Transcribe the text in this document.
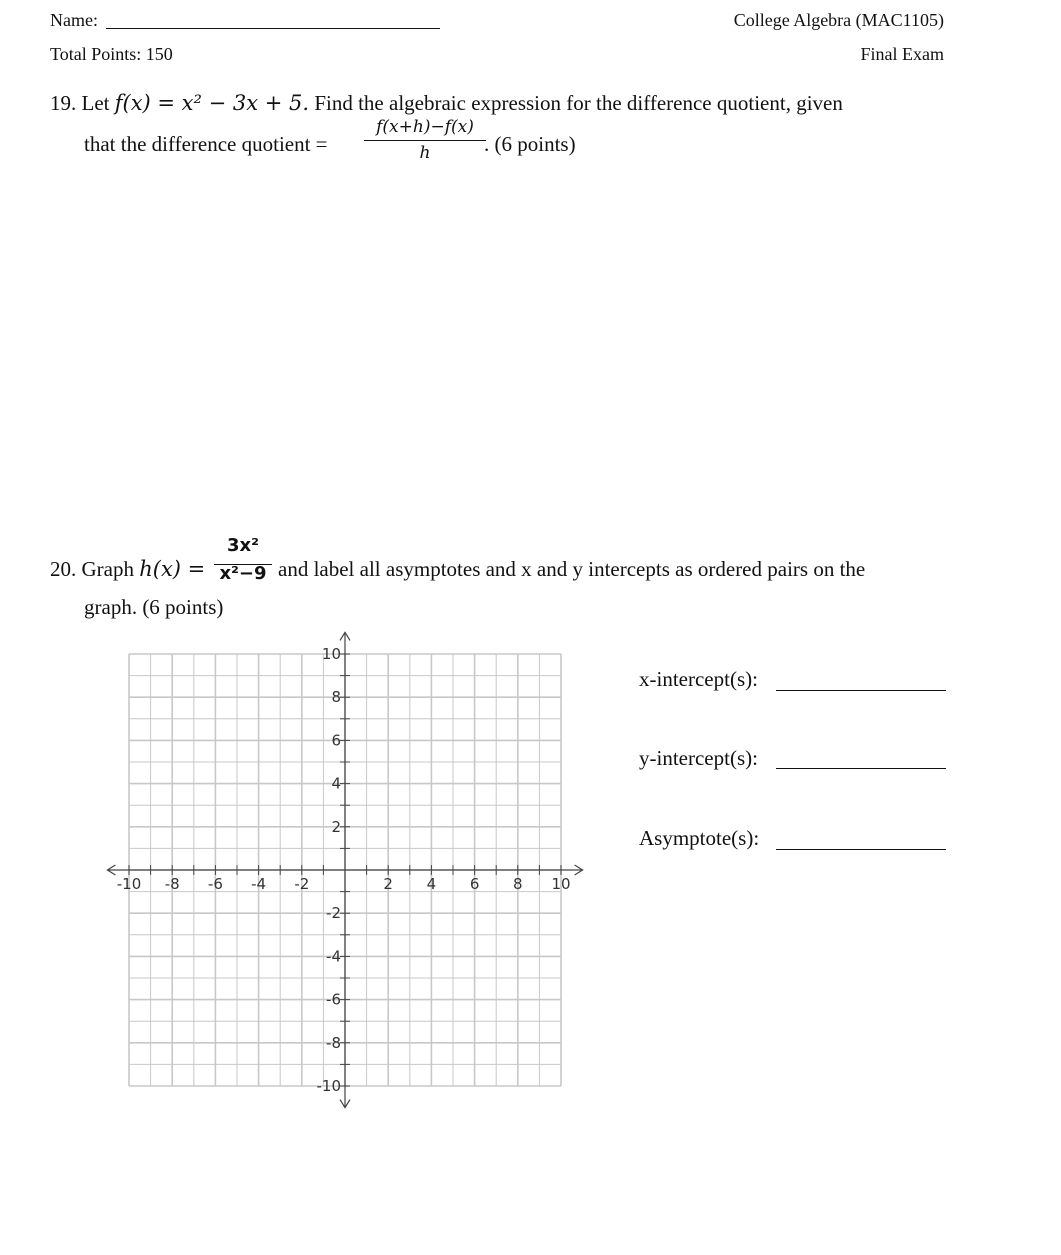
Name:	College Algebra (MAC1105)
Total Points: 150	Final Exam
19. Let f(x) = x² − 3x + 5. Find the algebraic expression for the difference quotient, given
that the difference quotient =
f(x+h)−f(x)
h	. (6 points)
20. Graph h(x) =
3x²
x²−9 and label all asymptotes and x and y intercepts as ordered pairs on the
graph. (6 points)
-10 -8 -6 -4 -2	2 4 6 8 10
10
8
6
4
2
-2
-4
-6
-8
-10
x-intercept(s):
y-intercept(s):
Asymptote(s):
